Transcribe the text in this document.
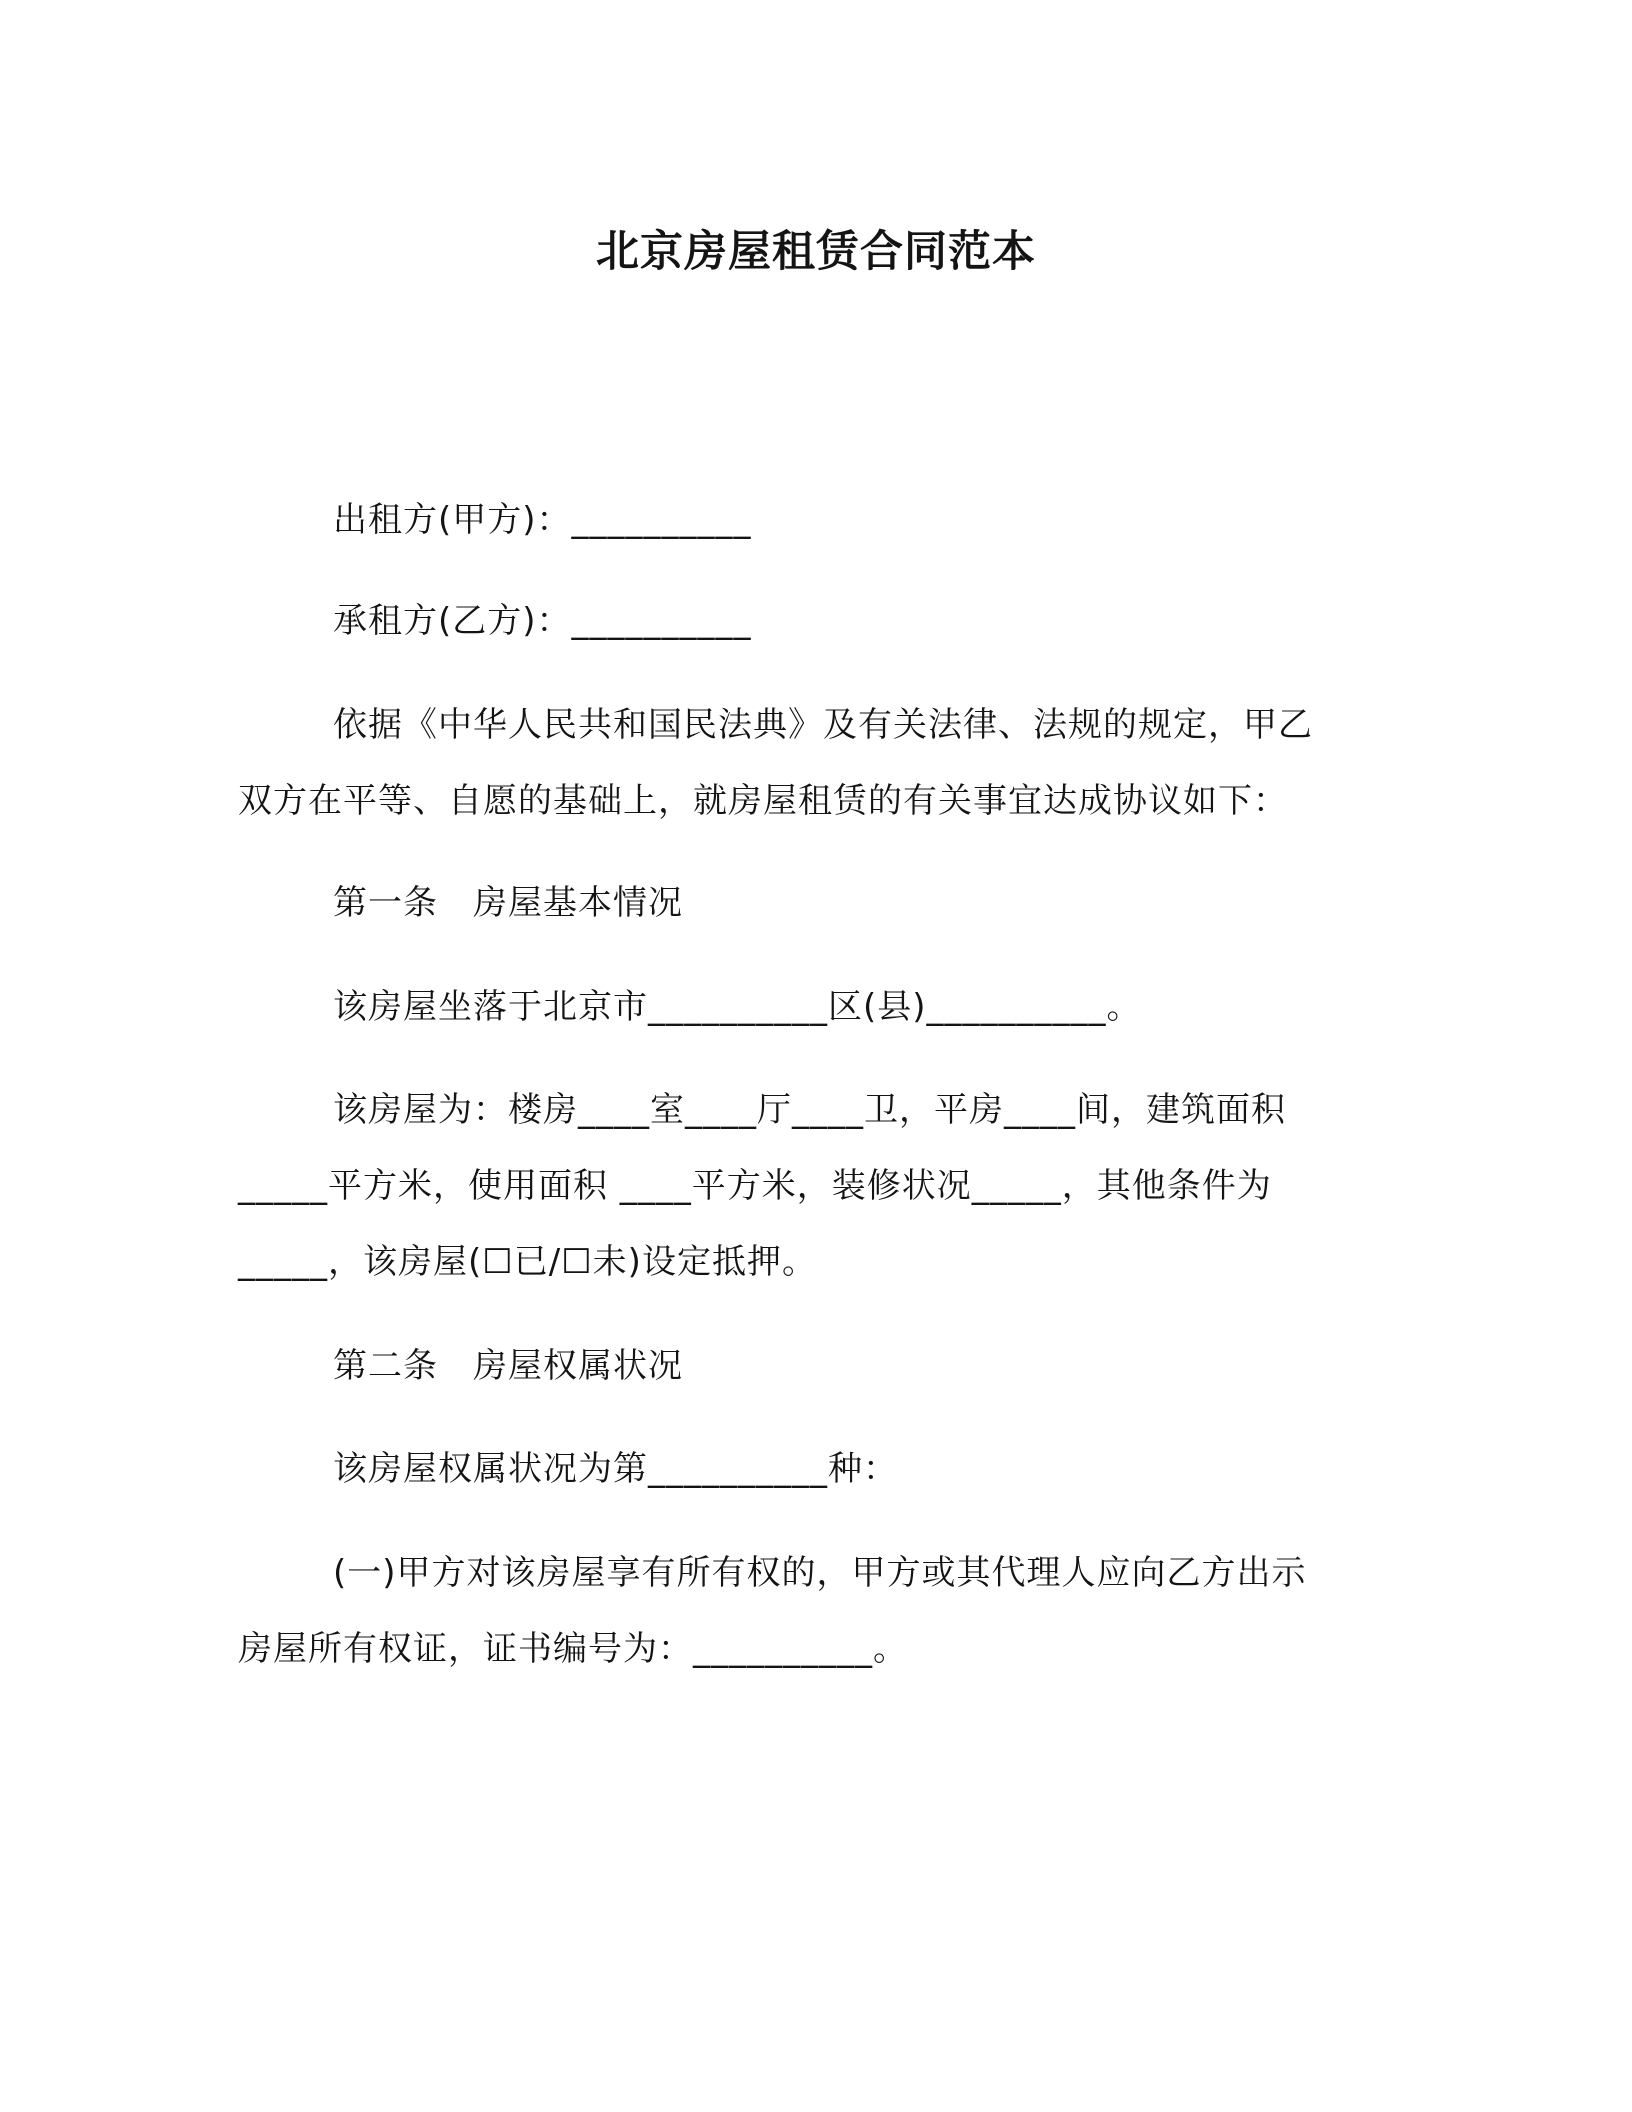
北京房屋租赁合同范本
出租方(甲方)：__________
承租方(乙方)：__________
依据《中华人民共和国民法典》及有关法律、法规的规定，甲乙
双方在平等、自愿的基础上，就房屋租赁的有关事宜达成协议如下：
第一条　房屋基本情况
该房屋坐落于北京市__________区(县)__________。
该房屋为：楼房____室____厅____卫，平房____间，建筑面积
_____平方米，使用面积 ____平方米，装修状况_____，其他条件为
_____，该房屋(☐已/☐未)设定抵押。
第二条　房屋权属状况
该房屋权属状况为第__________种：
(一)甲方对该房屋享有所有权的，甲方或其代理人应向乙方出示
房屋所有权证，证书编号为：__________。
